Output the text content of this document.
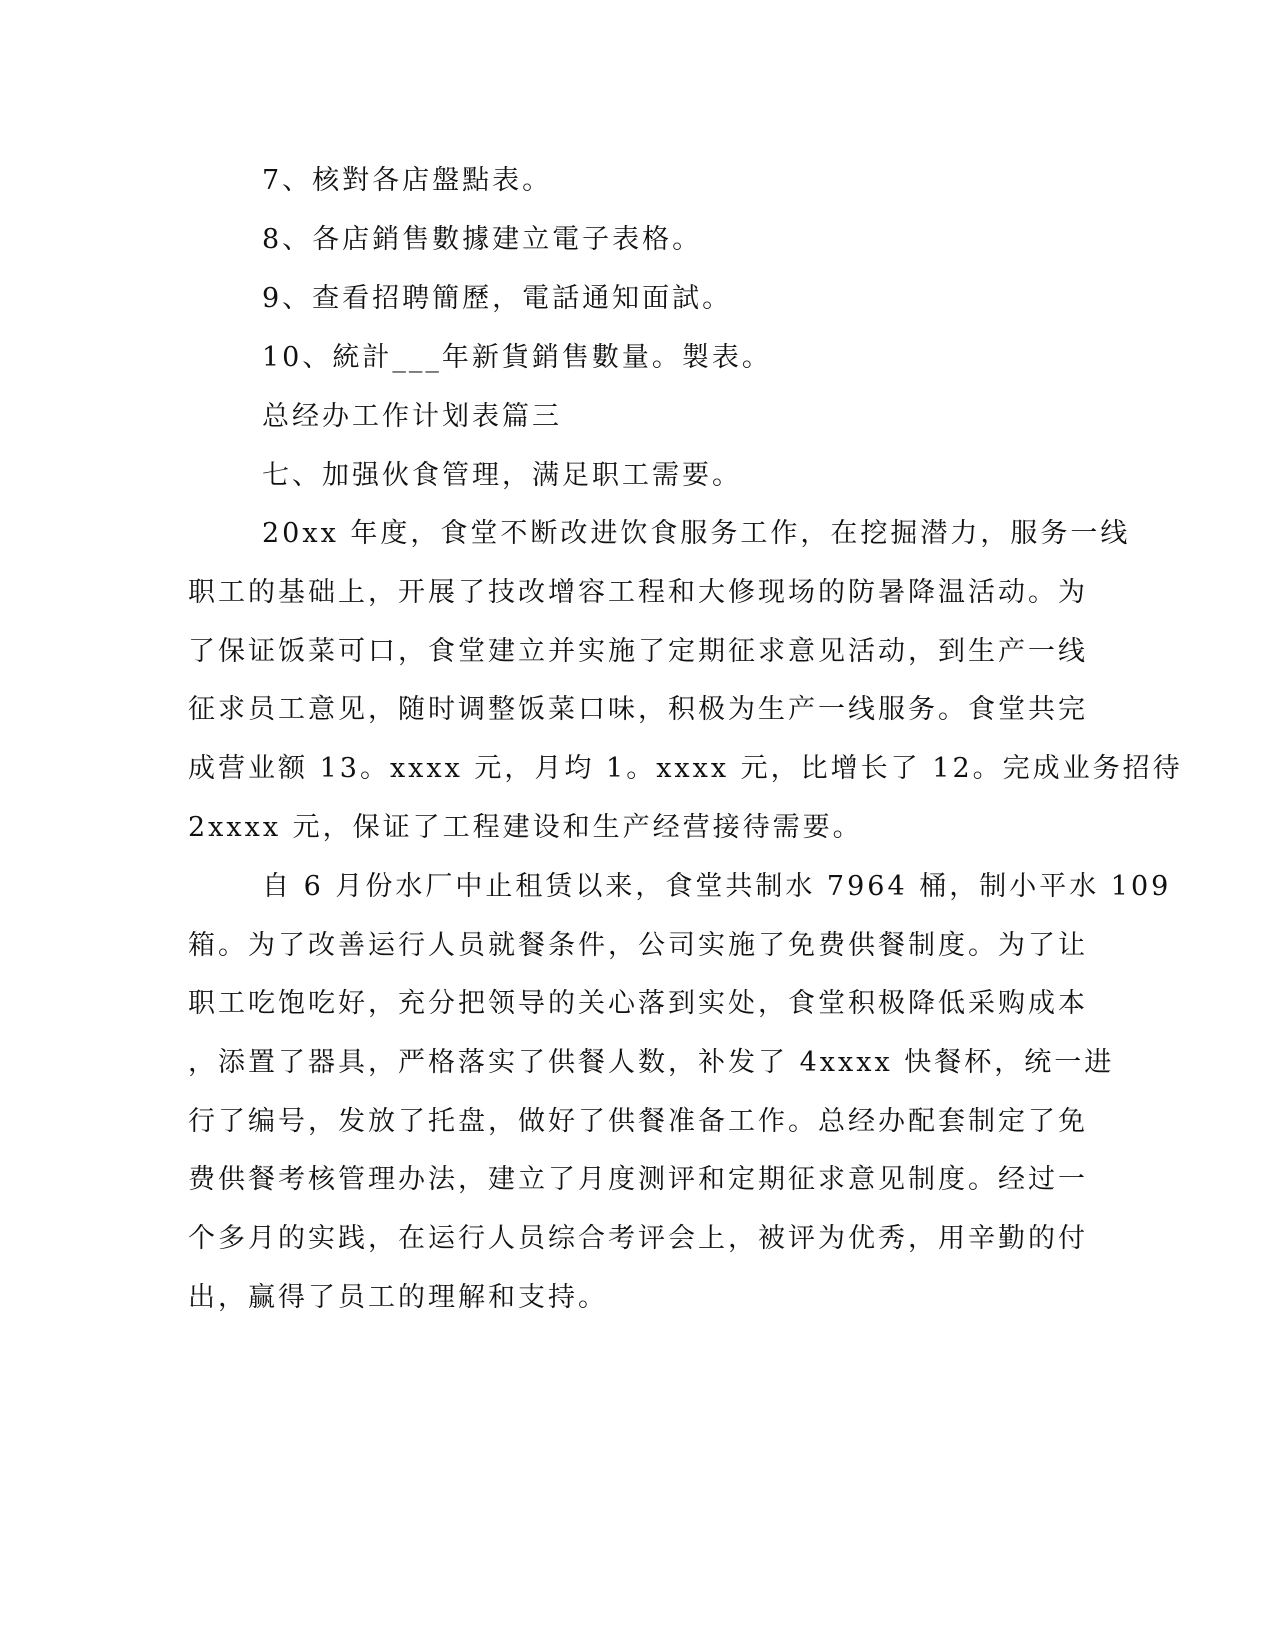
7、核對各店盤點表。

8、各店銷售數據建立電子表格。

9、查看招聘簡歷，電話通知面試。

10、統計___年新貨銷售數量。製表。

总经办工作计划表篇三

七、加强伙食管理，满足职工需要。

20xx 年度，食堂不断改进饮食服务工作，在挖掘潜力，服务一线

职工的基础上，开展了技改增容工程和大修现场的防暑降温活动。为

了保证饭菜可口，食堂建立并实施了定期征求意见活动，到生产一线

征求员工意见，随时调整饭菜口味，积极为生产一线服务。食堂共完

成营业额 13。xxxx 元，月均 1。xxxx 元，比增长了 12。完成业务招待

2xxxx 元，保证了工程建设和生产经营接待需要。

自 6 月份水厂中止租赁以来，食堂共制水 7964 桶，制小平水 109

箱。为了改善运行人员就餐条件，公司实施了免费供餐制度。为了让

职工吃饱吃好，充分把领导的关心落到实处，食堂积极降低采购成本

，添置了器具，严格落实了供餐人数，补发了 4xxxx 快餐杯，统一进

行了编号，发放了托盘，做好了供餐准备工作。总经办配套制定了免

费供餐考核管理办法，建立了月度测评和定期征求意见制度。经过一

个多月的实践，在运行人员综合考评会上，被评为优秀，用辛勤的付

出，赢得了员工的理解和支持。
